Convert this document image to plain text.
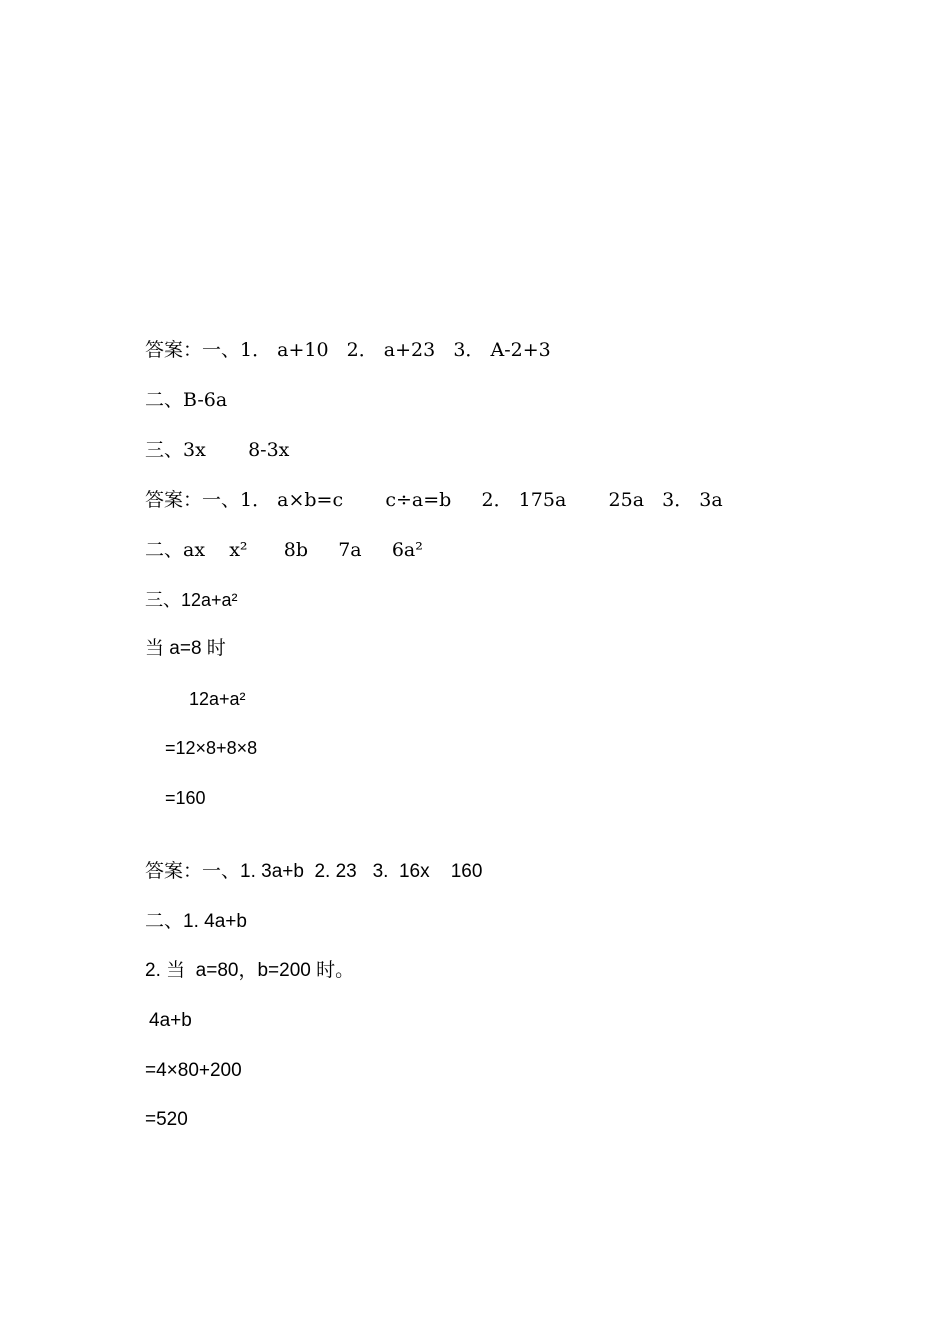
答案：一、1． a+10   2． a+23   3． A-2+3
二、B-6a
三、3x       8-3x
答案：一、1． a×b=c       c÷a=b     2． 175a       25a   3． 3a
二、ax    x²      8b     7a     6a²
三、12a+a²
当 a=8 时
12a+a²
=12×8+8×8
=160
答案：一、1. 3a+b  2. 23   3.  16x    160
二、1. 4a+b
2. 当  a=80，b=200 时。
4a+b
=4×80+200
=520
